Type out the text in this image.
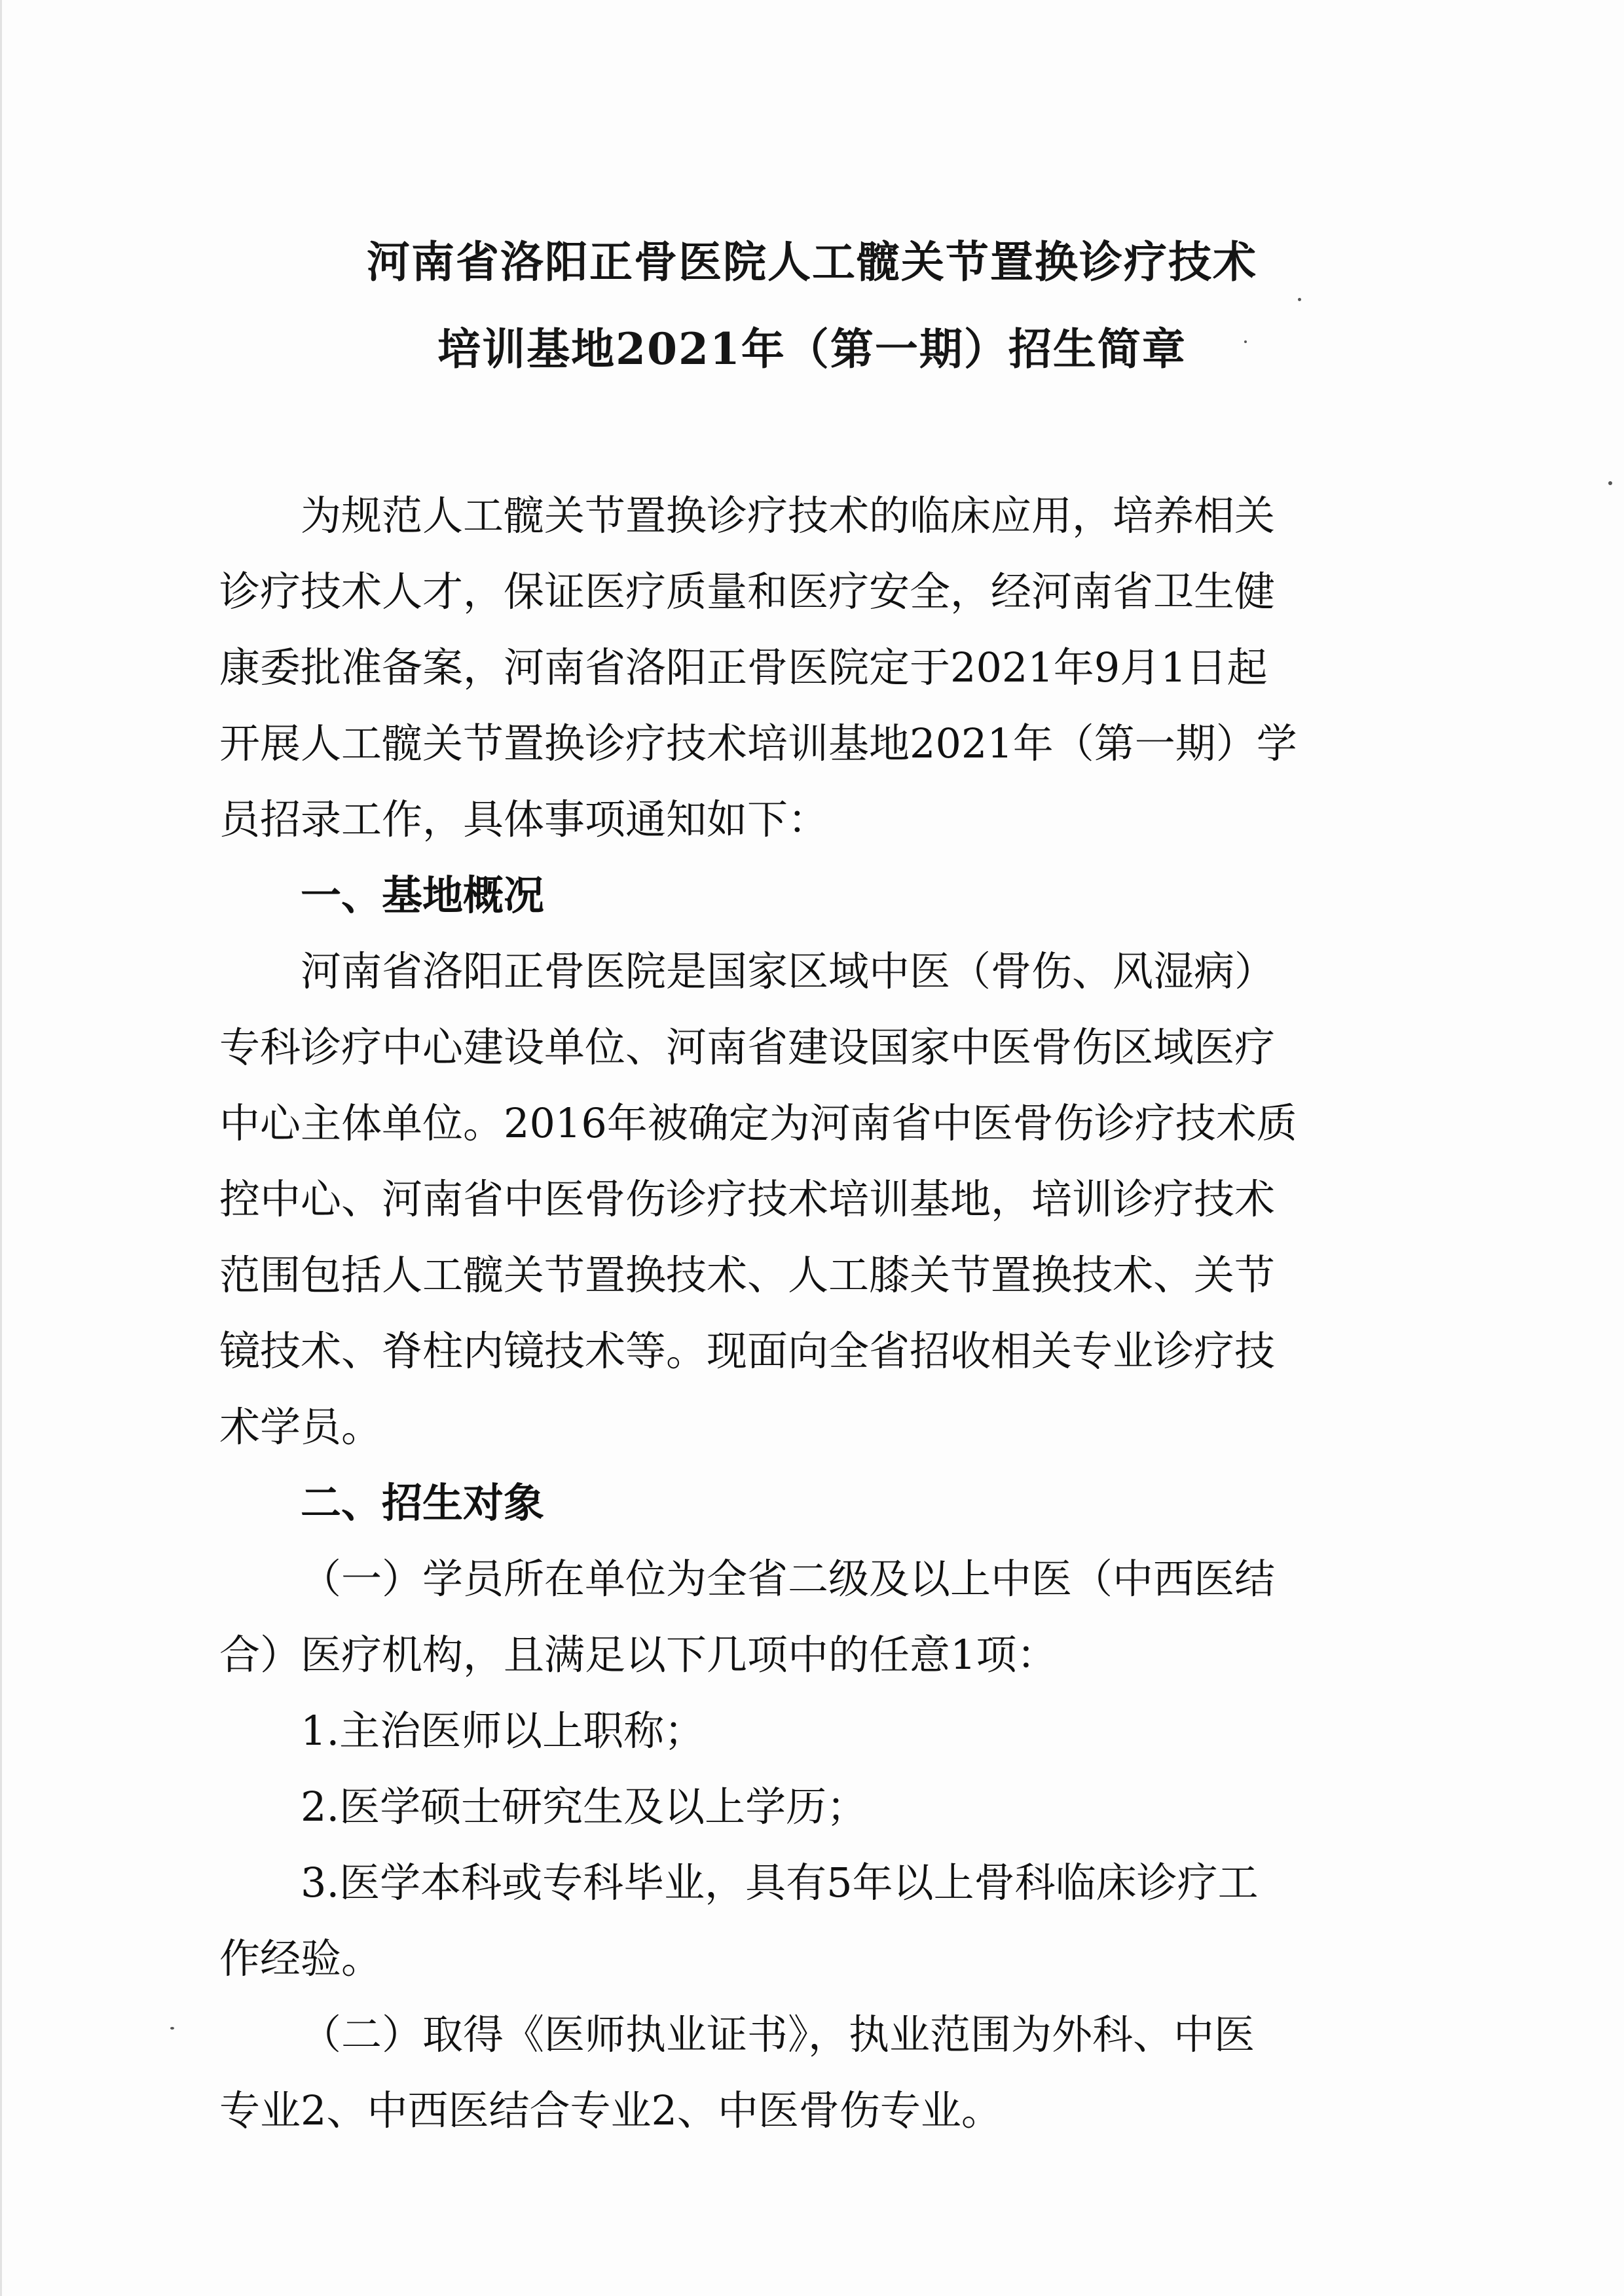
河南省洛阳正骨医院人工髋关节置换诊疗技术
培训基地2021年（第一期）招生简章
为规范人工髋关节置换诊疗技术的临床应用，培养相关
诊疗技术人才，保证医疗质量和医疗安全，经河南省卫生健
康委批准备案，河南省洛阳正骨医院定于2021年9月1日起
开展人工髋关节置换诊疗技术培训基地2021年（第一期）学
员招录工作，具体事项通知如下：
一、基地概况
河南省洛阳正骨医院是国家区域中医（骨伤、风湿病）
专科诊疗中心建设单位、河南省建设国家中医骨伤区域医疗
中心主体单位。2016年被确定为河南省中医骨伤诊疗技术质
控中心、河南省中医骨伤诊疗技术培训基地，培训诊疗技术
范围包括人工髋关节置换技术、人工膝关节置换技术、关节
镜技术、脊柱内镜技术等。现面向全省招收相关专业诊疗技
术学员。
二、招生对象
（一）学员所在单位为全省二级及以上中医（中西医结
合）医疗机构，且满足以下几项中的任意1项：
1.主治医师以上职称；
2.医学硕士研究生及以上学历；
3.医学本科或专科毕业，具有5年以上骨科临床诊疗工
作经验。
（二）取得《医师执业证书》，执业范围为外科、中医
专业2、中西医结合专业2、中医骨伤专业。
